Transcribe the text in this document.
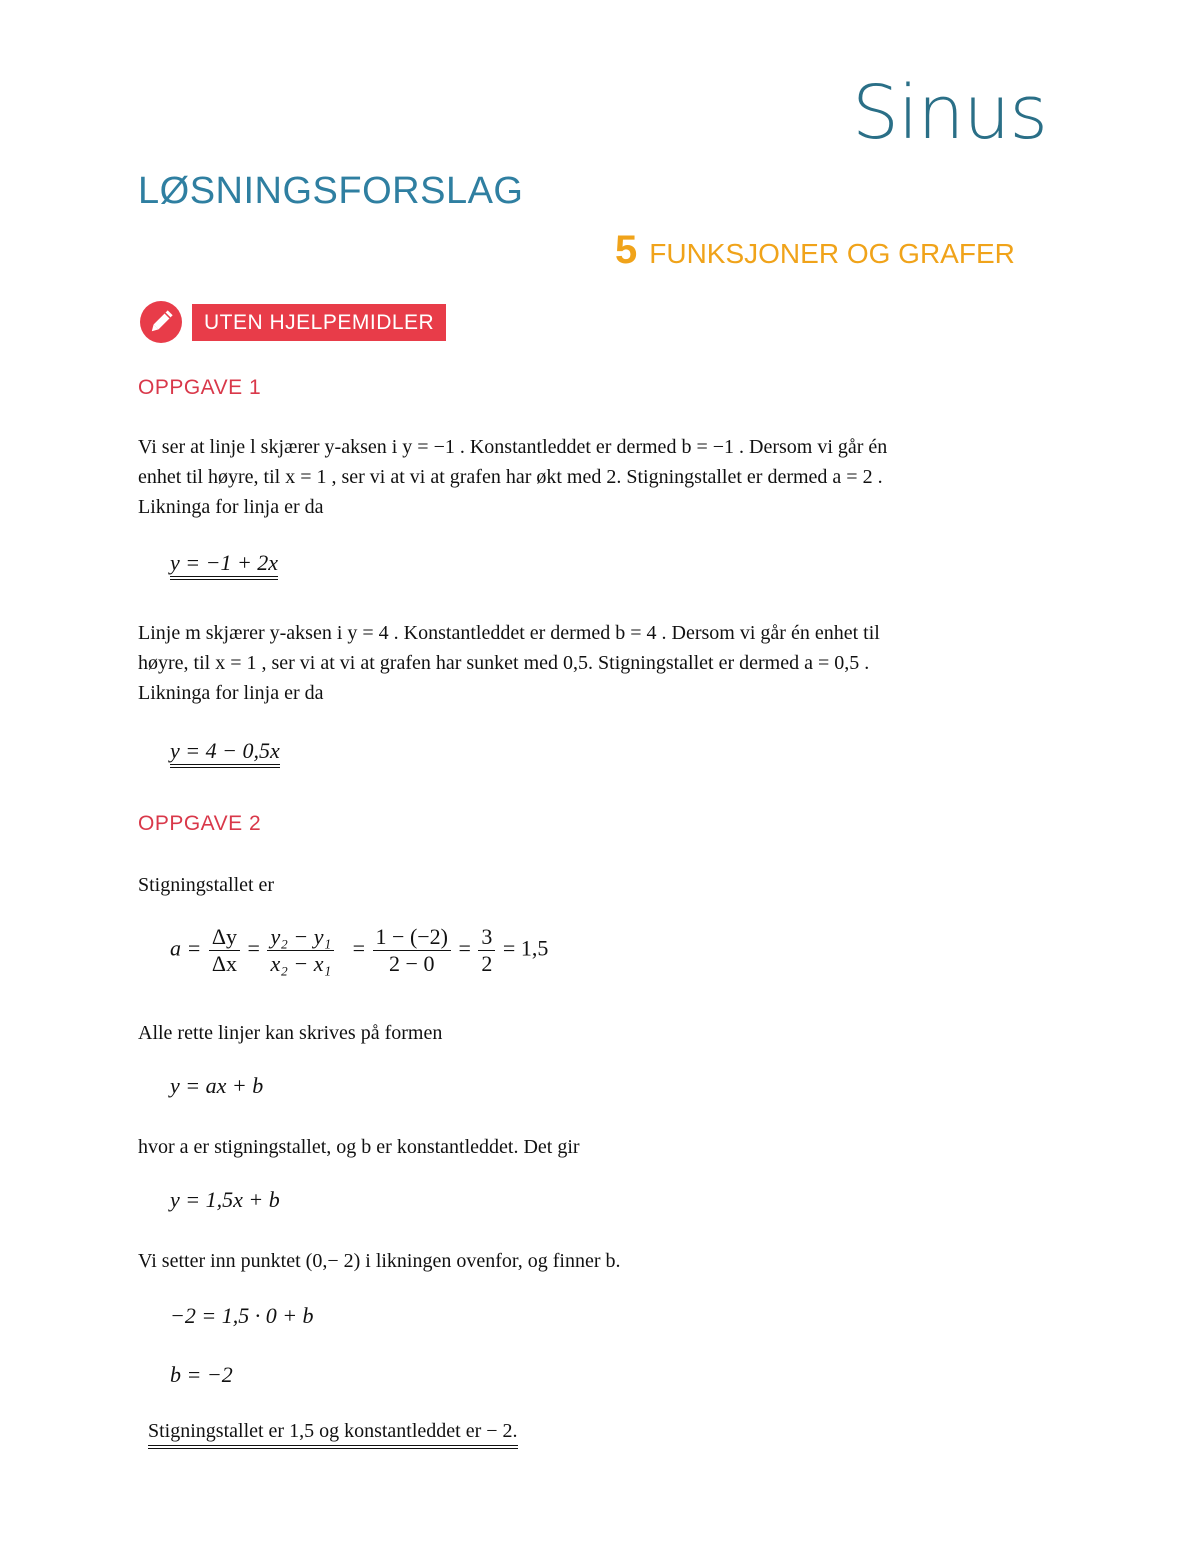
Sinus
LØSNINGSFORSLAG
5 FUNKSJONER OG GRAFER
UTEN HJELPEMIDLER
OPPGAVE 1
Vi ser at linje l skjærer y-aksen i y = −1 . Konstantleddet er dermed b = −1 . Dersom vi går én
enhet til høyre, til x = 1 , ser vi at vi at grafen har økt med 2. Stigningstallet er dermed a = 2 .
Likninga for linja er da
y = −1 + 2x
Linje m skjærer y-aksen i y = 4 . Konstantleddet er dermed b = 4 . Dersom vi går én enhet til
høyre, til x = 1 , ser vi at vi at grafen har sunket med 0,5. Stigningstallet er dermed a = 0,5 .
Likninga for linja er da
y = 4 − 0,5x
OPPGAVE 2
Stigningstallet er
$a = \frac{\Delta y}{\Delta x} = \frac{\text{y₂ − y₁}}{\text{x₂ − x₁}} = \frac{1 - (-2)}{2 - 0} = \frac{3}{2} = 1,5$
Alle rette linjer kan skrives på formen
y = ax + b
hvor a er stigningstallet, og b er konstantleddet. Det gir
y = 1,5x + b
Vi setter inn punktet (0,− 2) i likningen ovenfor, og finner b.
−2 = 1,5 · 0 + b
b = −2
Stigningstallet er 1,5 og konstantleddet er − 2.
